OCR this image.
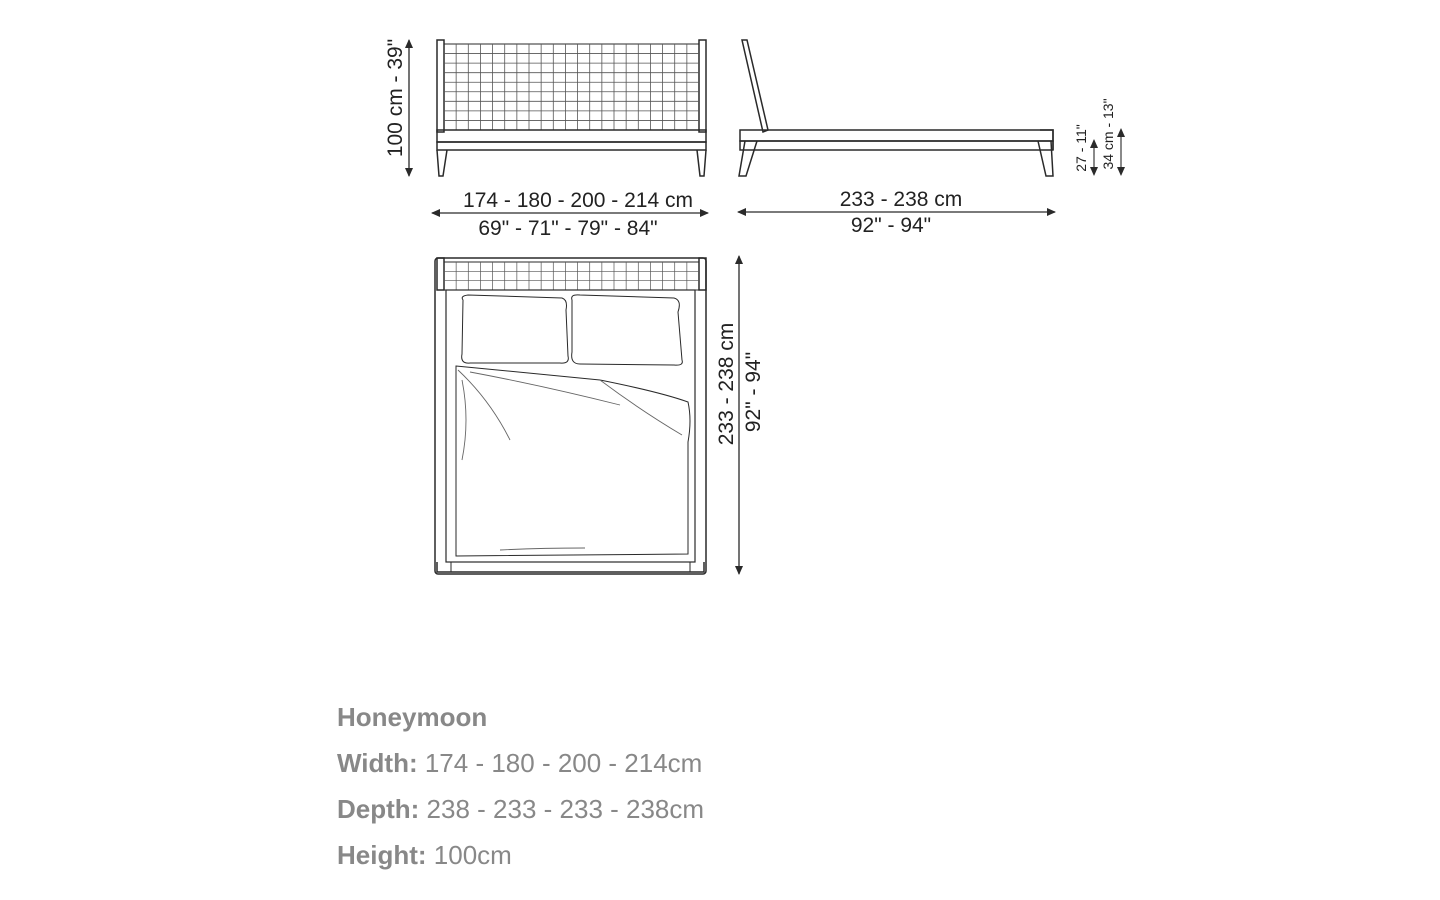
100 cm - 39"
174 - 180 - 200 - 214 cm
69" - 71" - 79" - 84"
233 - 238 cm
92" - 94"
27 - 11" 34 cm - 13"
233 - 238 cm 92" - 94"
Honeymoon
Width: 174 - 180 - 200 - 214cm
Depth: 238 - 233 - 233 - 238cm
Height: 100cm
